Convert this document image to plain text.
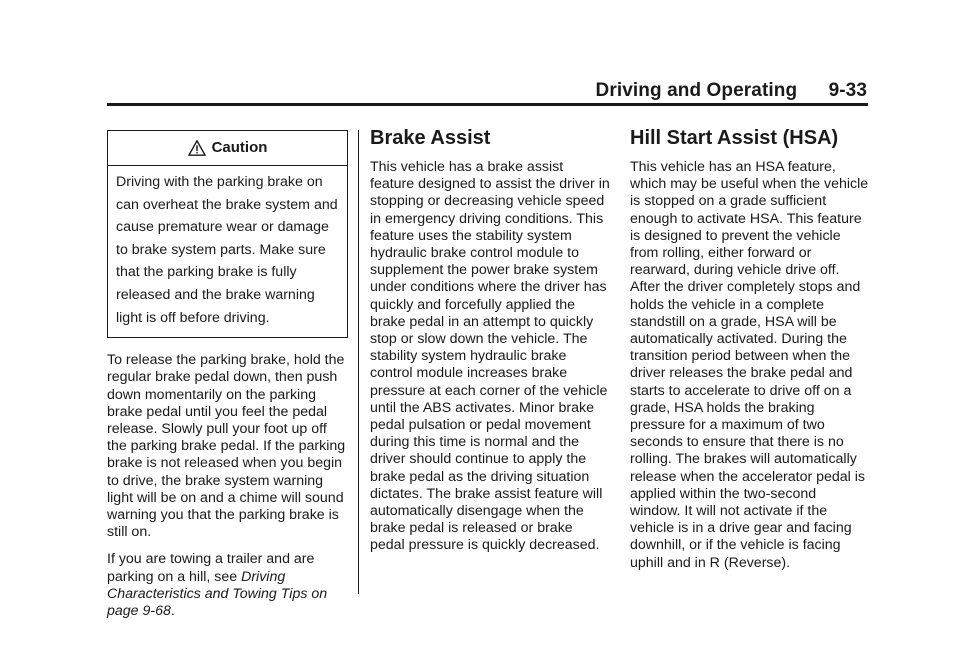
Driving and Operating 9-33
Caution
Driving with the parking brake on can overheat the brake system and cause premature wear or damage to brake system parts. Make sure that the parking brake is fully released and the brake warning light is off before driving.

To release the parking brake, hold the regular brake pedal down, then push down momentarily on the parking brake pedal until you feel the pedal release. Slowly pull your foot up off the parking brake pedal. If the parking brake is not released when you begin to drive, the brake system warning light will be on and a chime will sound warning you that the parking brake is still on.

If you are towing a trailer and are parking on a hill, see Driving Characteristics and Towing Tips on page 9-68.

Brake Assist

This vehicle has a brake assist feature designed to assist the driver in stopping or decreasing vehicle speed in emergency driving conditions. This feature uses the stability system hydraulic brake control module to supplement the power brake system under conditions where the driver has quickly and forcefully applied the brake pedal in an attempt to quickly stop or slow down the vehicle. The stability system hydraulic brake control module increases brake pressure at each corner of the vehicle until the ABS activates. Minor brake pedal pulsation or pedal movement during this time is normal and the driver should continue to apply the brake pedal as the driving situation dictates. The brake assist feature will automatically disengage when the brake pedal is released or brake pedal pressure is quickly decreased.

Hill Start Assist (HSA)

This vehicle has an HSA feature, which may be useful when the vehicle is stopped on a grade sufficient enough to activate HSA. This feature is designed to prevent the vehicle from rolling, either forward or rearward, during vehicle drive off. After the driver completely stops and holds the vehicle in a complete standstill on a grade, HSA will be automatically activated. During the transition period between when the driver releases the brake pedal and starts to accelerate to drive off on a grade, HSA holds the braking pressure for a maximum of two seconds to ensure that there is no rolling. The brakes will automatically release when the accelerator pedal is applied within the two-second window. It will not activate if the vehicle is in a drive gear and facing downhill, or if the vehicle is facing uphill and in R (Reverse).
